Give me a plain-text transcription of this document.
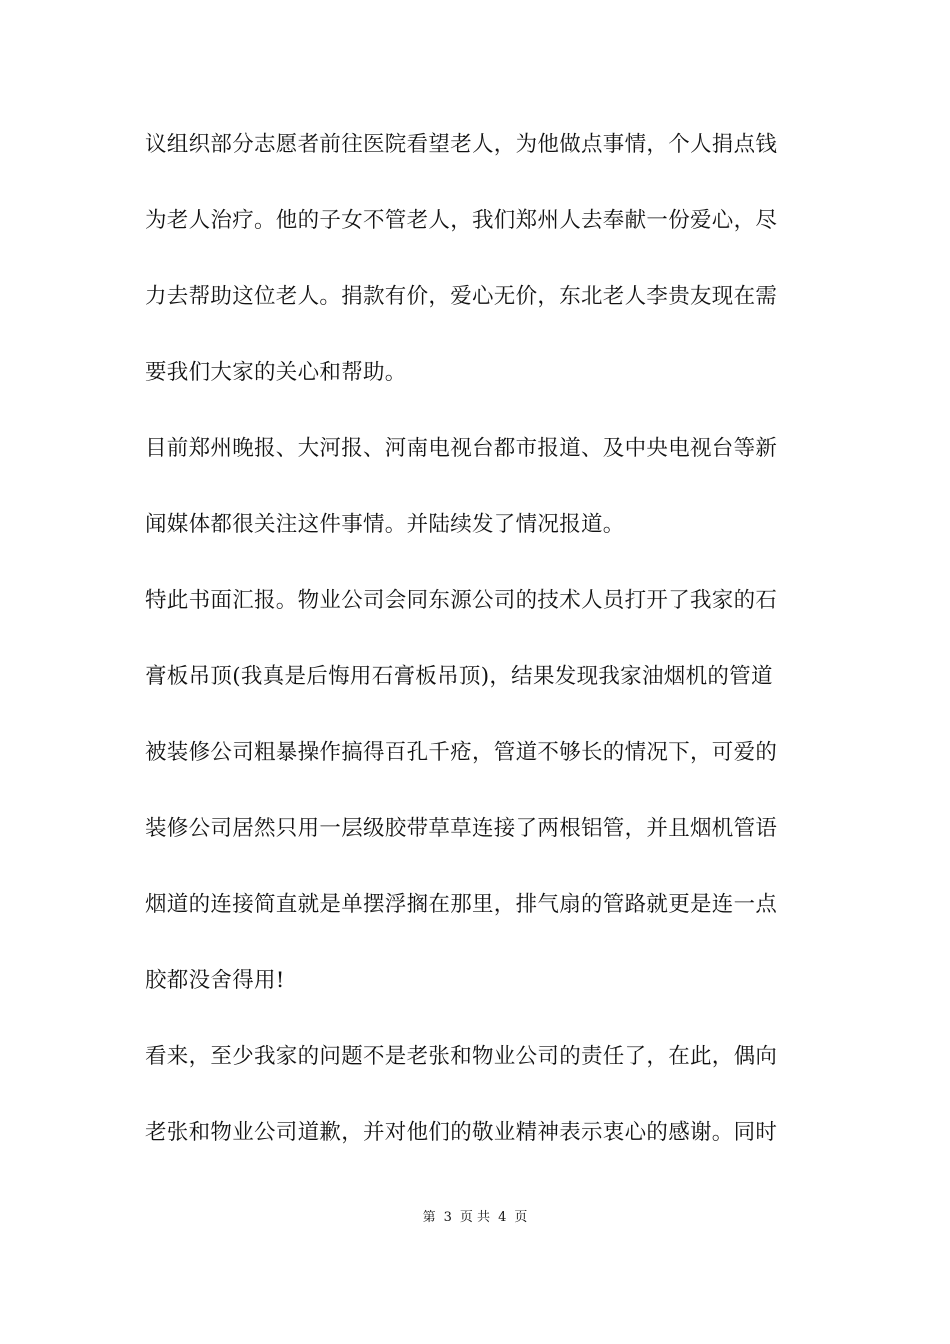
议组织部分志愿者前往医院看望老人，为他做点事情，个人捐点钱
为老人治疗。他的子女不管老人，我们郑州人去奉献一份爱心，尽
力去帮助这位老人。捐款有价，爱心无价，东北老人李贵友现在需
要我们大家的关心和帮助。
目前郑州晚报、大河报、河南电视台都市报道、及中央电视台等新
闻媒体都很关注这件事情。并陆续发了情况报道。
特此书面汇报。物业公司会同东源公司的技术人员打开了我家的石
膏板吊顶(我真是后悔用石膏板吊顶)，结果发现我家油烟机的管道
被装修公司粗暴操作搞得百孔千疮，管道不够长的情况下，可爱的
装修公司居然只用一层级胶带草草连接了两根铝管，并且烟机管语
烟道的连接简直就是单摆浮搁在那里，排气扇的管路就更是连一点
胶都没舍得用!
看来，至少我家的问题不是老张和物业公司的责任了，在此，偶向
老张和物业公司道歉，并对他们的敬业精神表示衷心的感谢。同时
第 3 页 共 4 页
